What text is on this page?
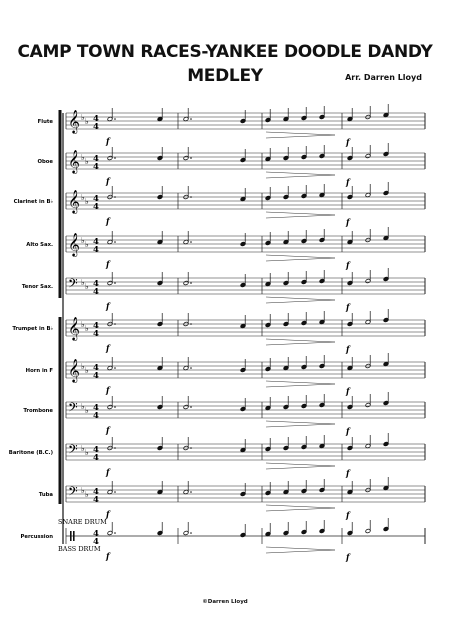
CAMP TOWN RACES-YANKEE DOODLE DANDY
MEDLEY	Arr. Darren Lloyd
Flute 𝄞 ♭ ♭ 4
4
f	f
Oboe 𝄞 ♭ ♭ 4
4
f	f
Clarinet in B♭ 𝄞 ♭ ♭ 4
4
f	f
Alto Sax. 𝄞 ♭ ♭ 4
4
f	f
Tenor Sax. 𝄢 ♭ ♭ 4
4
f	f
Trumpet in B♭ 𝄞 ♭ ♭ 4
4
f	f
Horn in F 𝄞 ♭ ♭ 4
4
f	f
Trombone 𝄢 ♭ ♭ 4
4
f	f
Baritone (B.C.) 𝄢 ♭ ♭ 4
4
f	f
Tuba 𝄢 ♭ ♭ 4
4
f	f
Percussion	4
4
f	f
SNARE DRUM
BASS DRUM
©Darren Lloyd
